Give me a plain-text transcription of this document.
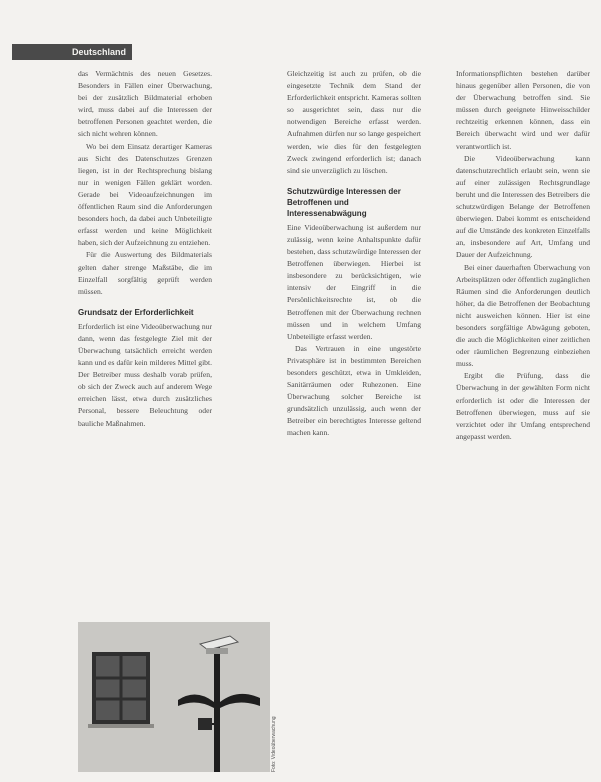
Deutschland

das Vermächtnis des neuen Gesetzes. Besonders in Fällen einer Überwachung, bei der zusätzlich Bildmaterial erhoben wird, muss dabei auf die Interessen der betroffenen Personen geachtet werden, die sich nicht wehren können.

Wo bei dem Einsatz derartiger Kameras aus Sicht des Datenschutzes Grenzen liegen, ist in der Rechtsprechung bislang nur in wenigen Fällen geklärt worden. Gerade bei Videoaufzeichnungen im öffentlichen Raum sind die Anforderungen besonders hoch, da dabei auch Unbeteiligte erfasst werden und keine Möglichkeit haben, sich der Aufzeichnung zu entziehen.

Für die Auswertung des Bildmaterials gelten daher strenge Maßstäbe, die im Einzelfall sorgfältig geprüft werden müssen.

Grundsatz der Erforderlichkeit

Erforderlich ist eine Videoüberwachung nur dann, wenn das festgelegte Ziel mit der Überwachung tatsächlich erreicht werden kann und es dafür kein milderes Mittel gibt. Der Betreiber muss deshalb vorab prüfen, ob sich der Zweck auch auf anderem Wege erreichen lässt, etwa durch zusätzliches Personal, bessere Beleuchtung oder bauliche Maßnahmen.

Gleichzeitig ist auch zu prüfen, ob die eingesetzte Technik dem Stand der Erforderlichkeit entspricht. Kameras sollten so ausgerichtet sein, dass nur die notwendigen Bereiche erfasst werden. Aufnahmen dürfen nur so lange gespeichert werden, wie dies für den festgelegten Zweck zwingend erforderlich ist; danach sind sie unverzüglich zu löschen.

Schutzwürdige Interessen der Betroffenen und Interessenabwägung

Eine Videoüberwachung ist außerdem nur zulässig, wenn keine Anhaltspunkte dafür bestehen, dass schutzwürdige Interessen der Betroffenen überwiegen. Hierbei ist insbesondere zu berücksichtigen, wie intensiv der Eingriff in die Persönlichkeitsrechte ist, ob die Betroffenen mit der Überwachung rechnen müssen und in welchem Umfang Unbeteiligte erfasst werden.

Das Vertrauen in eine ungestörte Privatsphäre ist in bestimmten Bereichen besonders geschützt, etwa in Umkleiden, Sanitärräumen oder Ruhezonen. Eine Überwachung solcher Bereiche ist grundsätzlich unzulässig, auch wenn der Betreiber ein berechtigtes Interesse geltend machen kann.

Informationspflichten bestehen darüber hinaus gegenüber allen Personen, die von der Überwachung betroffen sind. Sie müssen durch geeignete Hinweisschilder rechtzeitig erkennen können, dass ein Bereich überwacht wird und wer dafür verantwortlich ist.

Die Videoüberwachung kann datenschutzrechtlich erlaubt sein, wenn sie auf einer zulässigen Rechtsgrundlage beruht und die Interessen des Betreibers die schutzwürdigen Belange der Betroffenen überwiegen. Dabei kommt es entscheidend auf die Umstände des konkreten Einzelfalls an, insbesondere auf Art, Umfang und Dauer der Aufzeichnung.

Bei einer dauerhaften Überwachung von Arbeitsplätzen oder öffentlich zugänglichen Räumen sind die Anforderungen deutlich höher, da die Betroffenen der Beobachtung nicht ausweichen können. Hier ist eine besonders sorgfältige Abwägung geboten, die auch die Möglichkeiten einer zeitlichen oder räumlichen Begrenzung einbeziehen muss.

Ergibt die Prüfung, dass die Überwachung in der gewählten Form nicht erforderlich ist oder die Interessen der Betroffenen überwiegen, muss auf sie verzichtet oder ihr Umfang entsprechend angepasst werden.

Foto: Videoüberwachung
